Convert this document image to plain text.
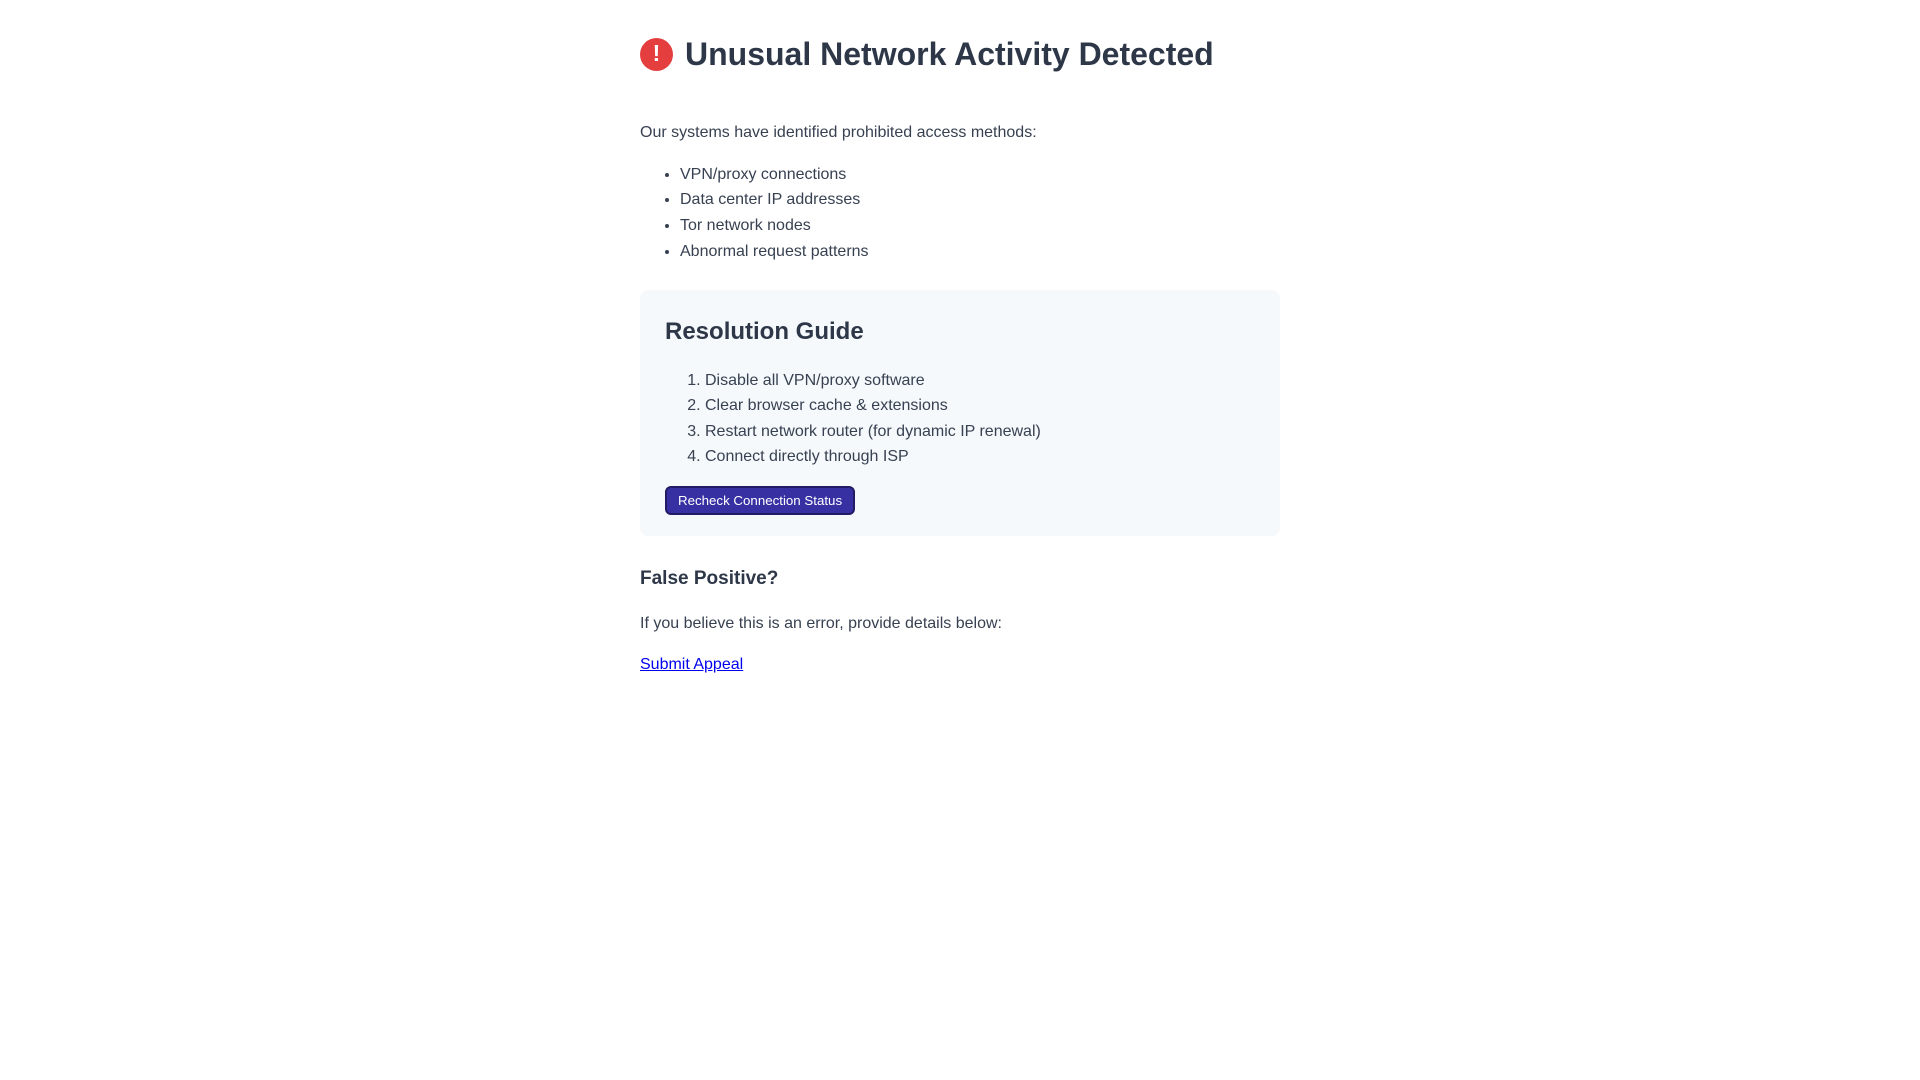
! Unusual Network Activity Detected

Our systems have identified prohibited access methods:

• VPN/proxy connections
• Data center IP addresses
• Tor network nodes
• Abnormal request patterns
Resolution Guide
1. Disable all VPN/proxy software
2. Clear browser cache & extensions
3. Restart network router (for dynamic IP renewal)
4. Connect directly through ISP
Recheck Connection Status
False Positive?

If you believe this is an error, provide details below:

Submit Appeal
